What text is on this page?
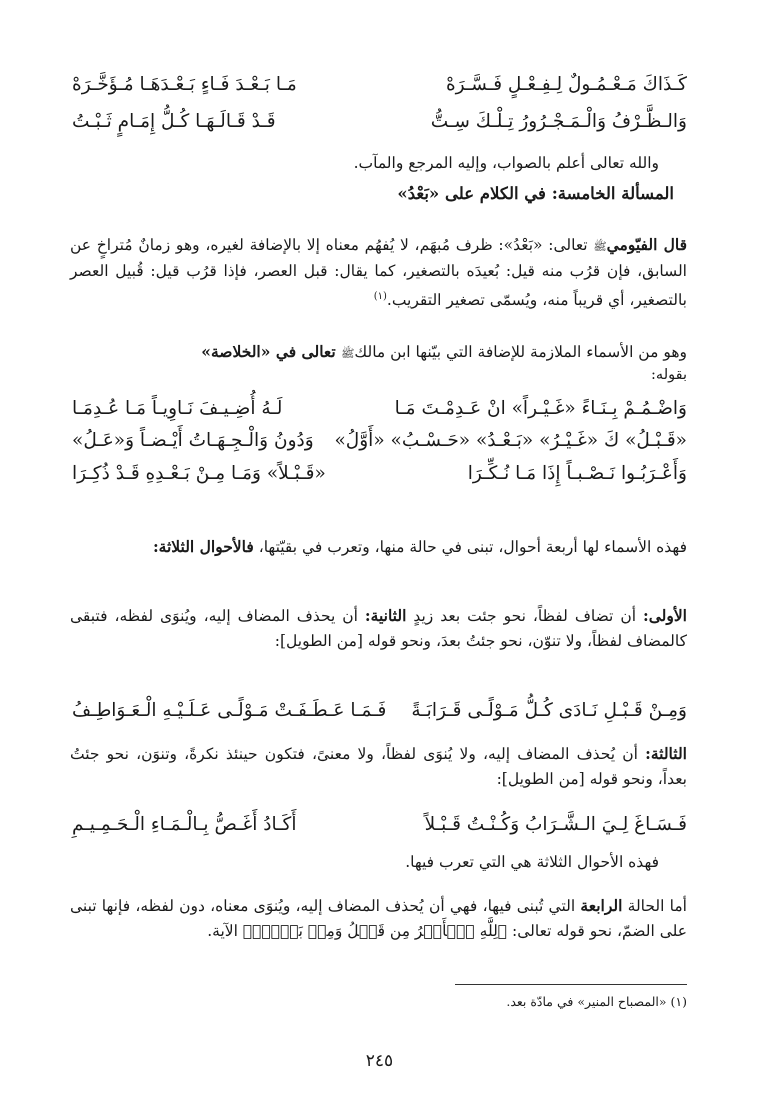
كَـذَاكَ مَـعْـمُـولٌ لِـفِـعْـلٍ فَـسَّـرَهْ
مَـا بَـعْـدَ فَـاءٍ بَـعْـدَهَـا مُـؤَخَّـرَهْ
وَالـظَّـرْفُ وَالْـمَـجْـرُورُ تِـلْـكَ سِـتُّ
قَـدْ قَـالَـهَـا كُـلُّ إِمَـامٍ ثَـبْـتُ
والله تعالى أعلم بالصواب، وإليه المرجع والمآب.
المسألة الخامسة: في الكلام على «بَعْدُ»
قال الفيّوميﷺ تعالى: «بَعْدُ»: ظرف مُبهَم، لا يُفهُم معناه إلا بالإضافة لغيره، وهو زمانٌ مُتراخٍ عن السابق، فإن قرُب منه قيل: بُعيدَه بالتصغير، كما يقال: قبل العصر، فإذا قرُب قيل: قُبيل العصر بالتصغير، أي قريباً منه، ويُسمّى تصغير التقريب.$^{(١)}$
وهو من الأسماء الملازمة للإضافة التي بيّنها ابن مالكﷺ تعالى في «الخلاصة»
بقوله:
وَاضْـمُـمْ بِـنَـاءً «غَـيْـراً» انْ عَـدِمْـتَ مَـا
لَـهُ أُضِـيـفَ نَـاوِيـاً مَـا عُـدِمَـا
«قَـبْـلُ» كَ «غَـيْـرُ» «بَـعْـدُ» «حَـسْـبُ» «أَوَّلُ»
وَدُونُ وَالْـجِـهَـاتُ أَيْـضـاً وَ«عَـلُ»
وَأَعْـرَبُـوا نَـصْـبـاً إِذَا مَـا نُـكِّـرَا
«قَـبْـلاً» وَمَـا مِـنْ بَـعْـدِهِ قَـدْ ذُكِـرَا
فهذه الأسماء لها أربعة أحوال، تبنى في حالة منها، وتعرب في بقيّتها، فالأحوال الثلاثة:
الأولى: أن تضاف لفظاً، نحو جئت بعد زيدٍ الثانية: أن يحذف المضاف إليه، ويُنوَى لفظه، فتبقى كالمضاف لفظاً، ولا تنوّن، نحو جئتُ بعدَ، ونحو قوله [من الطويل]:
وَمِـنْ قَـبْـلِ نَـادَى كُـلُّ مَـوْلًـى قَـرَابَـةً
فَـمَـا عَـطَـفَـتْ مَـوْلًـى عَـلَـيْـهِ الْـعَـوَاطِـفُ
الثالثة: أن يُحذف المضاف إليه، ولا يُنوَى لفظاً، ولا معنىً، فتكون حينئذ نكرةً، وتنوَن، نحو جئتُ بعداً، ونحو قوله [من الطويل]:
فَـسَـاغَ لِـيَ الـشَّـرَابُ وَكُـنْـتُ قَـبْـلاً
أَكَـادُ أَغَـصُّ بِـالْـمَـاءِ الْـحَـمِـيـمِ
فهذه الأحوال الثلاثة هي التي تعرب فيها.
أما الحالة الرابعة التي تُبنى فيها، فهي أن يُحذف المضاف إليه، ويُنوَى معناه، دون لفظه، فإنها تبنى على الضمّ، نحو قوله تعالى: ﴿لِلَّهِ ٱلۡأَمۡرُ مِن قَبۡلُ وَمِنۢ بَعۡدُۚ﴾ الآية.
(١) «المصباح المنير» في مادّة بعد.
٢٤٥
